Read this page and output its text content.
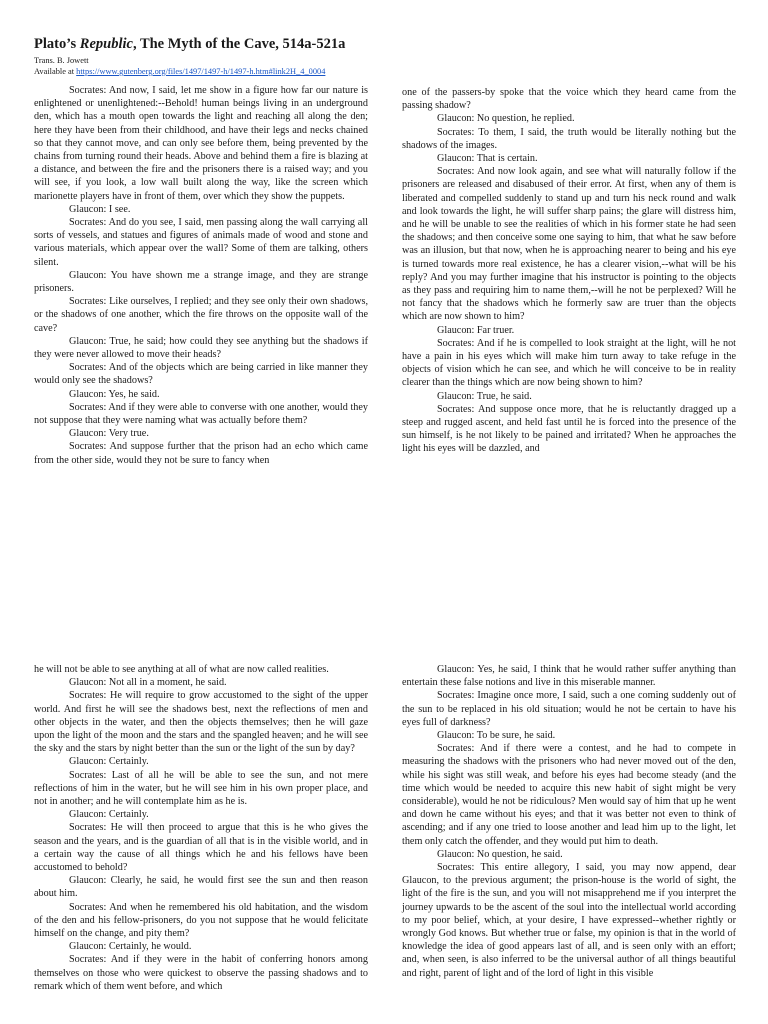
Plato’s Republic, The Myth of the Cave, 514a-521a
Trans. B. Jowett
Available at https://www.gutenberg.org/files/1497/1497-h/1497-h.htm#link2H_4_0004

Socrates: And now, I said, let me show in a figure how far our nature is enlightened or unenlightened:--Behold! human beings living in an underground den, which has a mouth open towards the light and reaching all along the den; here they have been from their childhood, and have their legs and necks chained so that they cannot move, and can only see before them, being prevented by the chains from turning round their heads. Above and behind them a fire is blazing at a distance, and between the fire and the prisoners there is a raised way; and you will see, if you look, a low wall built along the way, like the screen which marionette players have in front of them, over which they show the puppets.

Glaucon: I see.

Socrates: And do you see, I said, men passing along the wall carrying all sorts of vessels, and statues and figures of animals made of wood and stone and various materials, which appear over the wall? Some of them are talking, others silent.

Glaucon: You have shown me a strange image, and they are strange prisoners.

Socrates: Like ourselves, I replied; and they see only their own shadows, or the shadows of one another, which the fire throws on the opposite wall of the cave?

Glaucon: True, he said; how could they see anything but the shadows if they were never allowed to move their heads?

Socrates: And of the objects which are being carried in like manner they would only see the shadows?

Glaucon: Yes, he said.

Socrates: And if they were able to converse with one another, would they not suppose that they were naming what was actually before them?

Glaucon: Very true.

Socrates: And suppose further that the prison had an echo which came from the other side, would they not be sure to fancy when

one of the passers-by spoke that the voice which they heard came from the passing shadow?

Glaucon: No question, he replied.

Socrates: To them, I said, the truth would be literally nothing but the shadows of the images.

Glaucon: That is certain.

Socrates: And now look again, and see what will naturally follow if the prisoners are released and disabused of their error. At first, when any of them is liberated and compelled suddenly to stand up and turn his neck round and walk and look towards the light, he will suffer sharp pains; the glare will distress him, and he will be unable to see the realities of which in his former state he had seen the shadows; and then conceive some one saying to him, that what he saw before was an illusion, but that now, when he is approaching nearer to being and his eye is turned towards more real existence, he has a clearer vision,--what will be his reply? And you may further imagine that his instructor is pointing to the objects as they pass and requiring him to name them,--will he not be perplexed? Will he not fancy that the shadows which he formerly saw are truer than the objects which are now shown to him?

Glaucon: Far truer.

Socrates: And if he is compelled to look straight at the light, will he not have a pain in his eyes which will make him turn away to take refuge in the objects of vision which he can see, and which he will conceive to be in reality clearer than the things which are now being shown to him?

Glaucon: True, he said.

Socrates: And suppose once more, that he is reluctantly dragged up a steep and rugged ascent, and held fast until he is forced into the presence of the sun himself, is he not likely to be pained and irritated? When he approaches the light his eyes will be dazzled, and

he will not be able to see anything at all of what are now called realities.

Glaucon: Not all in a moment, he said.

Socrates: He will require to grow accustomed to the sight of the upper world. And first he will see the shadows best, next the reflections of men and other objects in the water, and then the objects themselves; then he will gaze upon the light of the moon and the stars and the spangled heaven; and he will see the sky and the stars by night better than the sun or the light of the sun by day?

Glaucon: Certainly.

Socrates: Last of all he will be able to see the sun, and not mere reflections of him in the water, but he will see him in his own proper place, and not in another; and he will contemplate him as he is.

Glaucon: Certainly.

Socrates: He will then proceed to argue that this is he who gives the season and the years, and is the guardian of all that is in the visible world, and in a certain way the cause of all things which he and his fellows have been accustomed to behold?

Glaucon: Clearly, he said, he would first see the sun and then reason about him.

Socrates: And when he remembered his old habitation, and the wisdom of the den and his fellow-prisoners, do you not suppose that he would felicitate himself on the change, and pity them?

Glaucon: Certainly, he would.

Socrates: And if they were in the habit of conferring honors among themselves on those who were quickest to observe the passing shadows and to remark which of them went before, and which

Glaucon: Yes, he said, I think that he would rather suffer anything than entertain these false notions and live in this miserable manner.

Socrates: Imagine once more, I said, such a one coming suddenly out of the sun to be replaced in his old situation; would he not be certain to have his eyes full of darkness?

Glaucon: To be sure, he said.

Socrates: And if there were a contest, and he had to compete in measuring the shadows with the prisoners who had never moved out of the den, while his sight was still weak, and before his eyes had become steady (and the time which would be needed to acquire this new habit of sight might be very considerable), would he not be ridiculous? Men would say of him that up he went and down he came without his eyes; and that it was better not even to think of ascending; and if any one tried to loose another and lead him up to the light, let them only catch the offender, and they would put him to death.

Glaucon: No question, he said.

Socrates: This entire allegory, I said, you may now append, dear Glaucon, to the previous argument; the prison-house is the world of sight, the light of the fire is the sun, and you will not misapprehend me if you interpret the journey upwards to be the ascent of the soul into the intellectual world according to my poor belief, which, at your desire, I have expressed--whether rightly or wrongly God knows. But whether true or false, my opinion is that in the world of knowledge the idea of good appears last of all, and is seen only with an effort; and, when seen, is also inferred to be the universal author of all things beautiful and right, parent of light and of the lord of light in this visible
